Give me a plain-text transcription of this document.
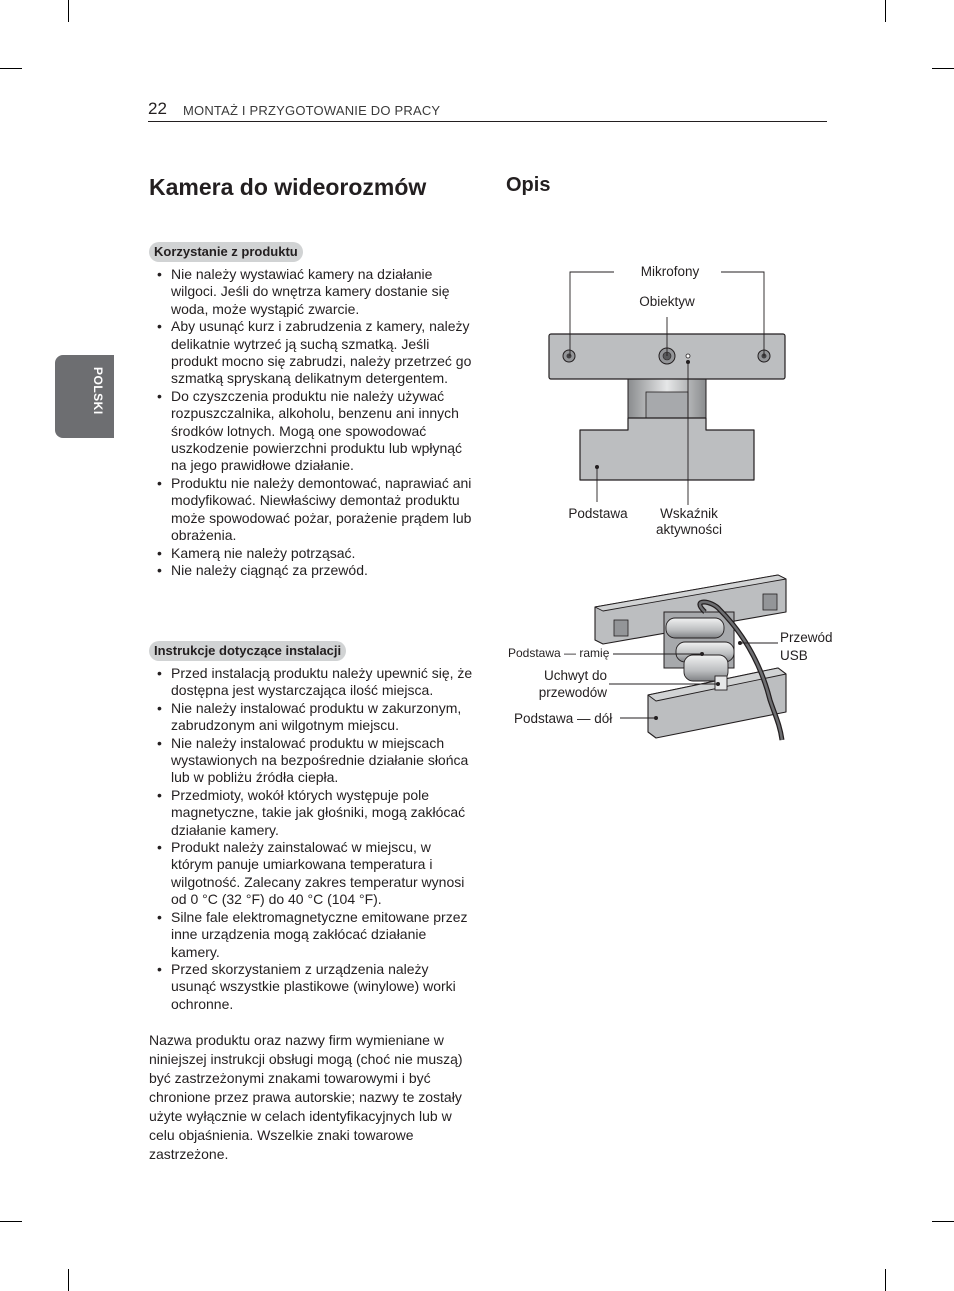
22 MONTAŻ I PRZYGOTOWANIE DO PRACY
POLSKI
Kamera do wideorozmów	Opis
Korzystanie z produktu
• Nie należy wystawiać kamery na działanie wilgoci. Jeśli do wnętrza kamery dostanie się woda, może wystąpić zwarcie.
• Aby usunąć kurz i zabrudzenia z kamery, należy delikatnie wytrzeć ją suchą szmatką. Jeśli produkt mocno się zabrudzi, należy przetrzeć go szmatką spryskaną delikatnym detergentem.
• Do czyszczenia produktu nie należy używać rozpuszczalnika, alkoholu, benzenu ani innych środków lotnych. Mogą one spowodować uszkodzenie powierzchni produktu lub wpłynąć na jego prawidłowe działanie.
• Produktu nie należy demontować, naprawiać ani modyfikować. Niewłaściwy demontaż produktu może spowodować pożar, porażenie prądem lub obrażenia.
• Kamerą nie należy potrząsać.
• Nie należy ciągnąć za przewód.
Instrukcje dotyczące instalacji
• Przed instalacją produktu należy upewnić się, że dostępna jest wystarczająca ilość miejsca.
• Nie należy instalować produktu w zakurzonym, zabrudzonym ani wilgotnym miejscu.
• Nie należy instalować produktu w miejscach wystawionych na bezpośrednie działanie słońca lub w pobliżu źródła ciepła.
• Przedmioty, wokół których występuje pole magnetyczne, takie jak głośniki, mogą zakłócać działanie kamery.
• Produkt należy zainstalować w miejscu, w którym panuje umiarkowana temperatura i wilgotność. Zalecany zakres temperatur wynosi od 0 °C (32 °F) do 40 °C (104 °F).
• Silne fale elektromagnetyczne emitowane przez inne urządzenia mogą zakłócać działanie kamery.
• Przed skorzystaniem z urządzenia należy usunąć wszystkie plastikowe (winylowe) worki ochronne.
Nazwa produktu oraz nazwy firm wymieniane w niniejszej instrukcji obsługi mogą (choć nie muszą) być zastrzeżonymi znakami towarowymi i być chronione przez prawa autorskie; nazwy te zostały użyte wyłącznie w celach identyfikacyjnych lub w celu objaśnienia. Wszelkie znaki towarowe zastrzeżone.
Mikrofony
Obiektyw
Podstawa	Wskaźnik
aktywności
Przewód
USB
Podstawa — ramię
Uchwyt do
przewodów
Podstawa — dół
